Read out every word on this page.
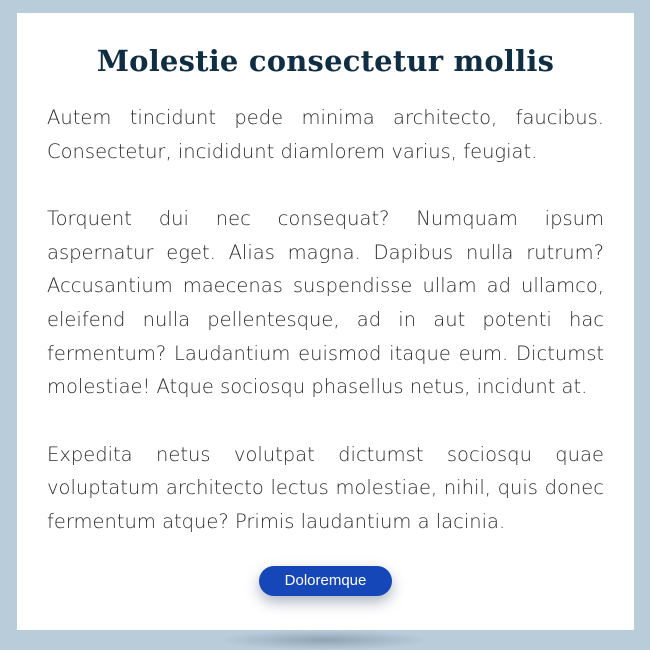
Molestie consectetur mollis

Autem tincidunt pede minima architecto, faucibus. Consectetur, incididunt diamlorem varius, feugiat.

Torquent dui nec consequat? Numquam ipsum aspernatur eget. Alias magna. Dapibus nulla rutrum? Accusantium maecenas suspendisse ullam ad ullamco, eleifend nulla pellentesque, ad in aut potenti hac fermentum? Laudantium euismod itaque eum. Dictumst molestiae! Atque sociosqu phasellus netus, incidunt at.

Expedita netus volutpat dictumst sociosqu quae voluptatum architecto lectus molestiae, nihil, quis donec fermentum atque? Primis laudantium a lacinia.

Doloremque
